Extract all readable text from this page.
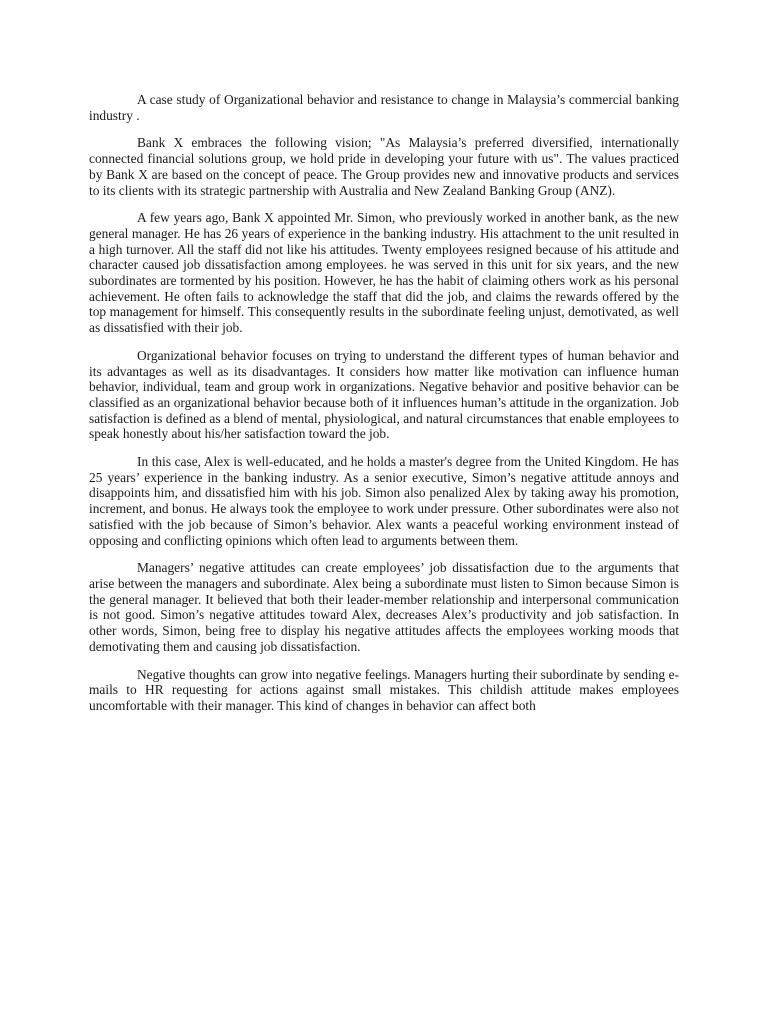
A case study of Organizational behavior and resistance to change in Malaysia’s commercial banking industry .

Bank X embraces the following vision; "As Malaysia’s preferred diversified, internationally connected financial solutions group, we hold pride in developing your future with us". The values practiced by Bank X are based on the concept of peace. The Group provides new and innovative products and services to its clients with its strategic partnership with Australia and New Zealand Banking Group (ANZ).

A few years ago, Bank X appointed Mr. Simon, who previously worked in another bank, as the new general manager. He has 26 years of experience in the banking industry. His attachment to the unit resulted in a high turnover. All the staff did not like his attitudes. Twenty employees resigned because of his attitude and character caused job dissatisfaction among employees. he was served in this unit for six years, and the new subordinates are tormented by his position. However, he has the habit of claiming others work as his personal achievement. He often fails to acknowledge the staff that did the job, and claims the rewards offered by the top management for himself. This consequently results in the subordinate feeling unjust, demotivated, as well as dissatisfied with their job.

Organizational behavior focuses on trying to understand the different types of human behavior and its advantages as well as its disadvantages. It considers how matter like motivation can influence human behavior, individual, team and group work in organizations. Negative behavior and positive behavior can be classified as an organizational behavior because both of it influences human’s attitude in the organization. Job satisfaction is defined as a blend of mental, physiological, and natural circumstances that enable employees to speak honestly about his/her satisfaction toward the job.

In this case, Alex is well-educated, and he holds a master's degree from the United Kingdom. He has 25 years’ experience in the banking industry. As a senior executive, Simon’s negative attitude annoys and disappoints him, and dissatisfied him with his job. Simon also penalized Alex by taking away his promotion, increment, and bonus. He always took the employee to work under pressure. Other subordinates were also not satisfied with the job because of Simon’s behavior. Alex wants a peaceful working environment instead of opposing and conflicting opinions which often lead to arguments between them.

Managers’ negative attitudes can create employees’ job dissatisfaction due to the arguments that arise between the managers and subordinate. Alex being a subordinate must listen to Simon because Simon is the general manager. It believed that both their leader-member relationship and interpersonal communication is not good. Simon’s negative attitudes toward Alex, decreases Alex’s productivity and job satisfaction. In other words, Simon, being free to display his negative attitudes affects the employees working moods that demotivating them and causing job dissatisfaction.

Negative thoughts can grow into negative feelings. Managers hurting their subordinate by sending e-mails to HR requesting for actions against small mistakes. This childish attitude makes employees uncomfortable with their manager. This kind of changes in behavior can affect both
